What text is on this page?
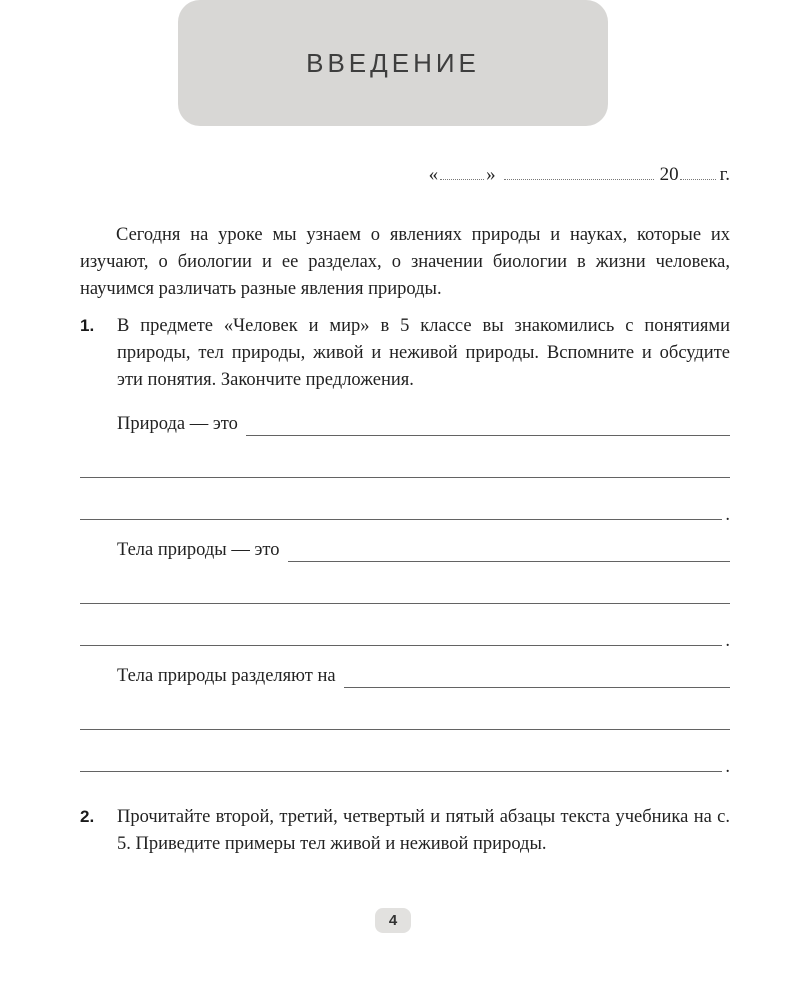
ВВЕДЕНИЕ
«	»	20 г.

Сегодня на уроке мы узнаем о явлениях природы и науках, которые их изучают, о биологии и ее разделах, о значении биологии в жизни человека, научимся различать разные явления природы.

1.	В предмете «Человек и мир» в 5 классе вы знакомились с понятиями природы, тел природы, живой и неживой природы. Вспомните и обсудите эти понятия. Закончите предложения.
Природа — это
.
Тела природы — это
.
Тела природы разделяют на
.
2.	Прочитайте второй, третий, четвертый и пятый абзацы текста учебника на с. 5. Приведите примеры тел живой и неживой природы.
4
